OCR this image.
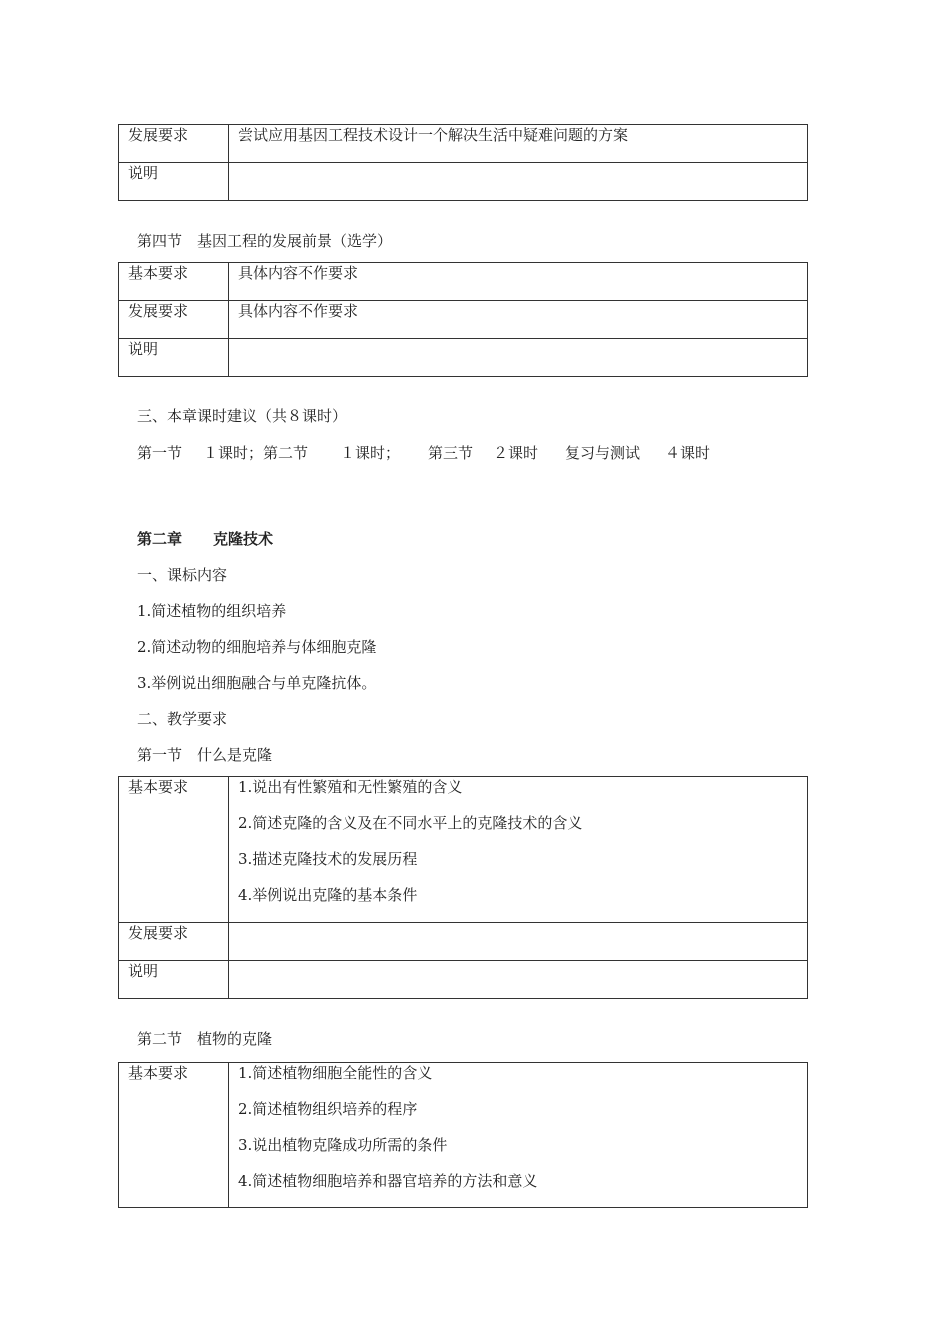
发展要求	尝试应用基因工程技术设计一个解决生活中疑难问题的方案

说明	
第四节　基因工程的发展前景（选学）
基本要求	具体内容不作要求

发展要求	具体内容不作要求

说明	
三、本章课时建议（共８课时）
第一节 １课时；第二节 １课时； 第三节 ２课时 复习与测试 ４课时
第二章 克隆技术
一、课标内容
1.简述植物的组织培养
2.简述动物的细胞培养与体细胞克隆
3.举例说出细胞融合与单克隆抗体。
二、教学要求
第一节　什么是克隆
基本要求	1.说出有性繁殖和无性繁殖的含义
2.简述克隆的含义及在不同水平上的克隆技术的含义
3.描述克隆技术的发展历程
4.举例说出克隆的基本条件

发展要求	
说明	
第二节　植物的克隆
基本要求	1.简述植物细胞全能性的含义
2.简述植物组织培养的程序
3.说出植物克隆成功所需的条件
4.简述植物细胞培养和器官培养的方法和意义
